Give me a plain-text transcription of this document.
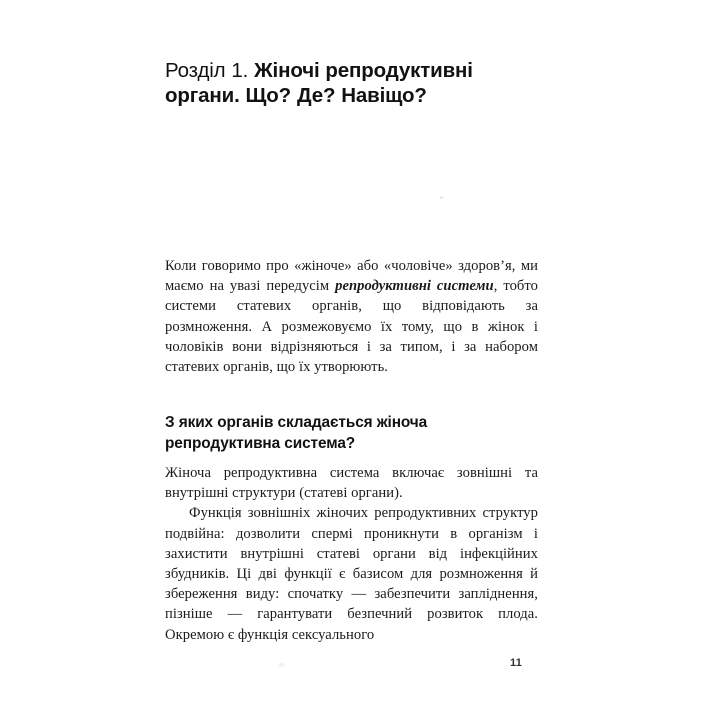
Розділ 1. Жіночі репродуктивні органи. Що? Де? Навіщо?

Коли говоримо про «жіноче» або «чоловіче» здоров’я, ми маємо на увазі передусім репродуктивні системи, тобто системи статевих органів, що відповідають за розмноження. А розмежовуємо їх тому, що в жінок і чоловіків вони відрізняються і за типом, і за набором статевих органів, що їх утворюють.

З яких органів складається жіноча репродуктивна система?

Жіноча репродуктивна система включає зовнішні та внутрішні структури (статеві органи).

Функція зовнішніх жіночих репродуктивних структур подвійна: дозволити спермі проникнути в організм і захистити внутрішні статеві органи від інфекційних збудників. Ці дві функції є базисом для розмноження й збереження виду: спочатку — забезпечити запліднення, пізніше — гарантувати безпечний розвиток плода. Окремою є функція сексуального

11
